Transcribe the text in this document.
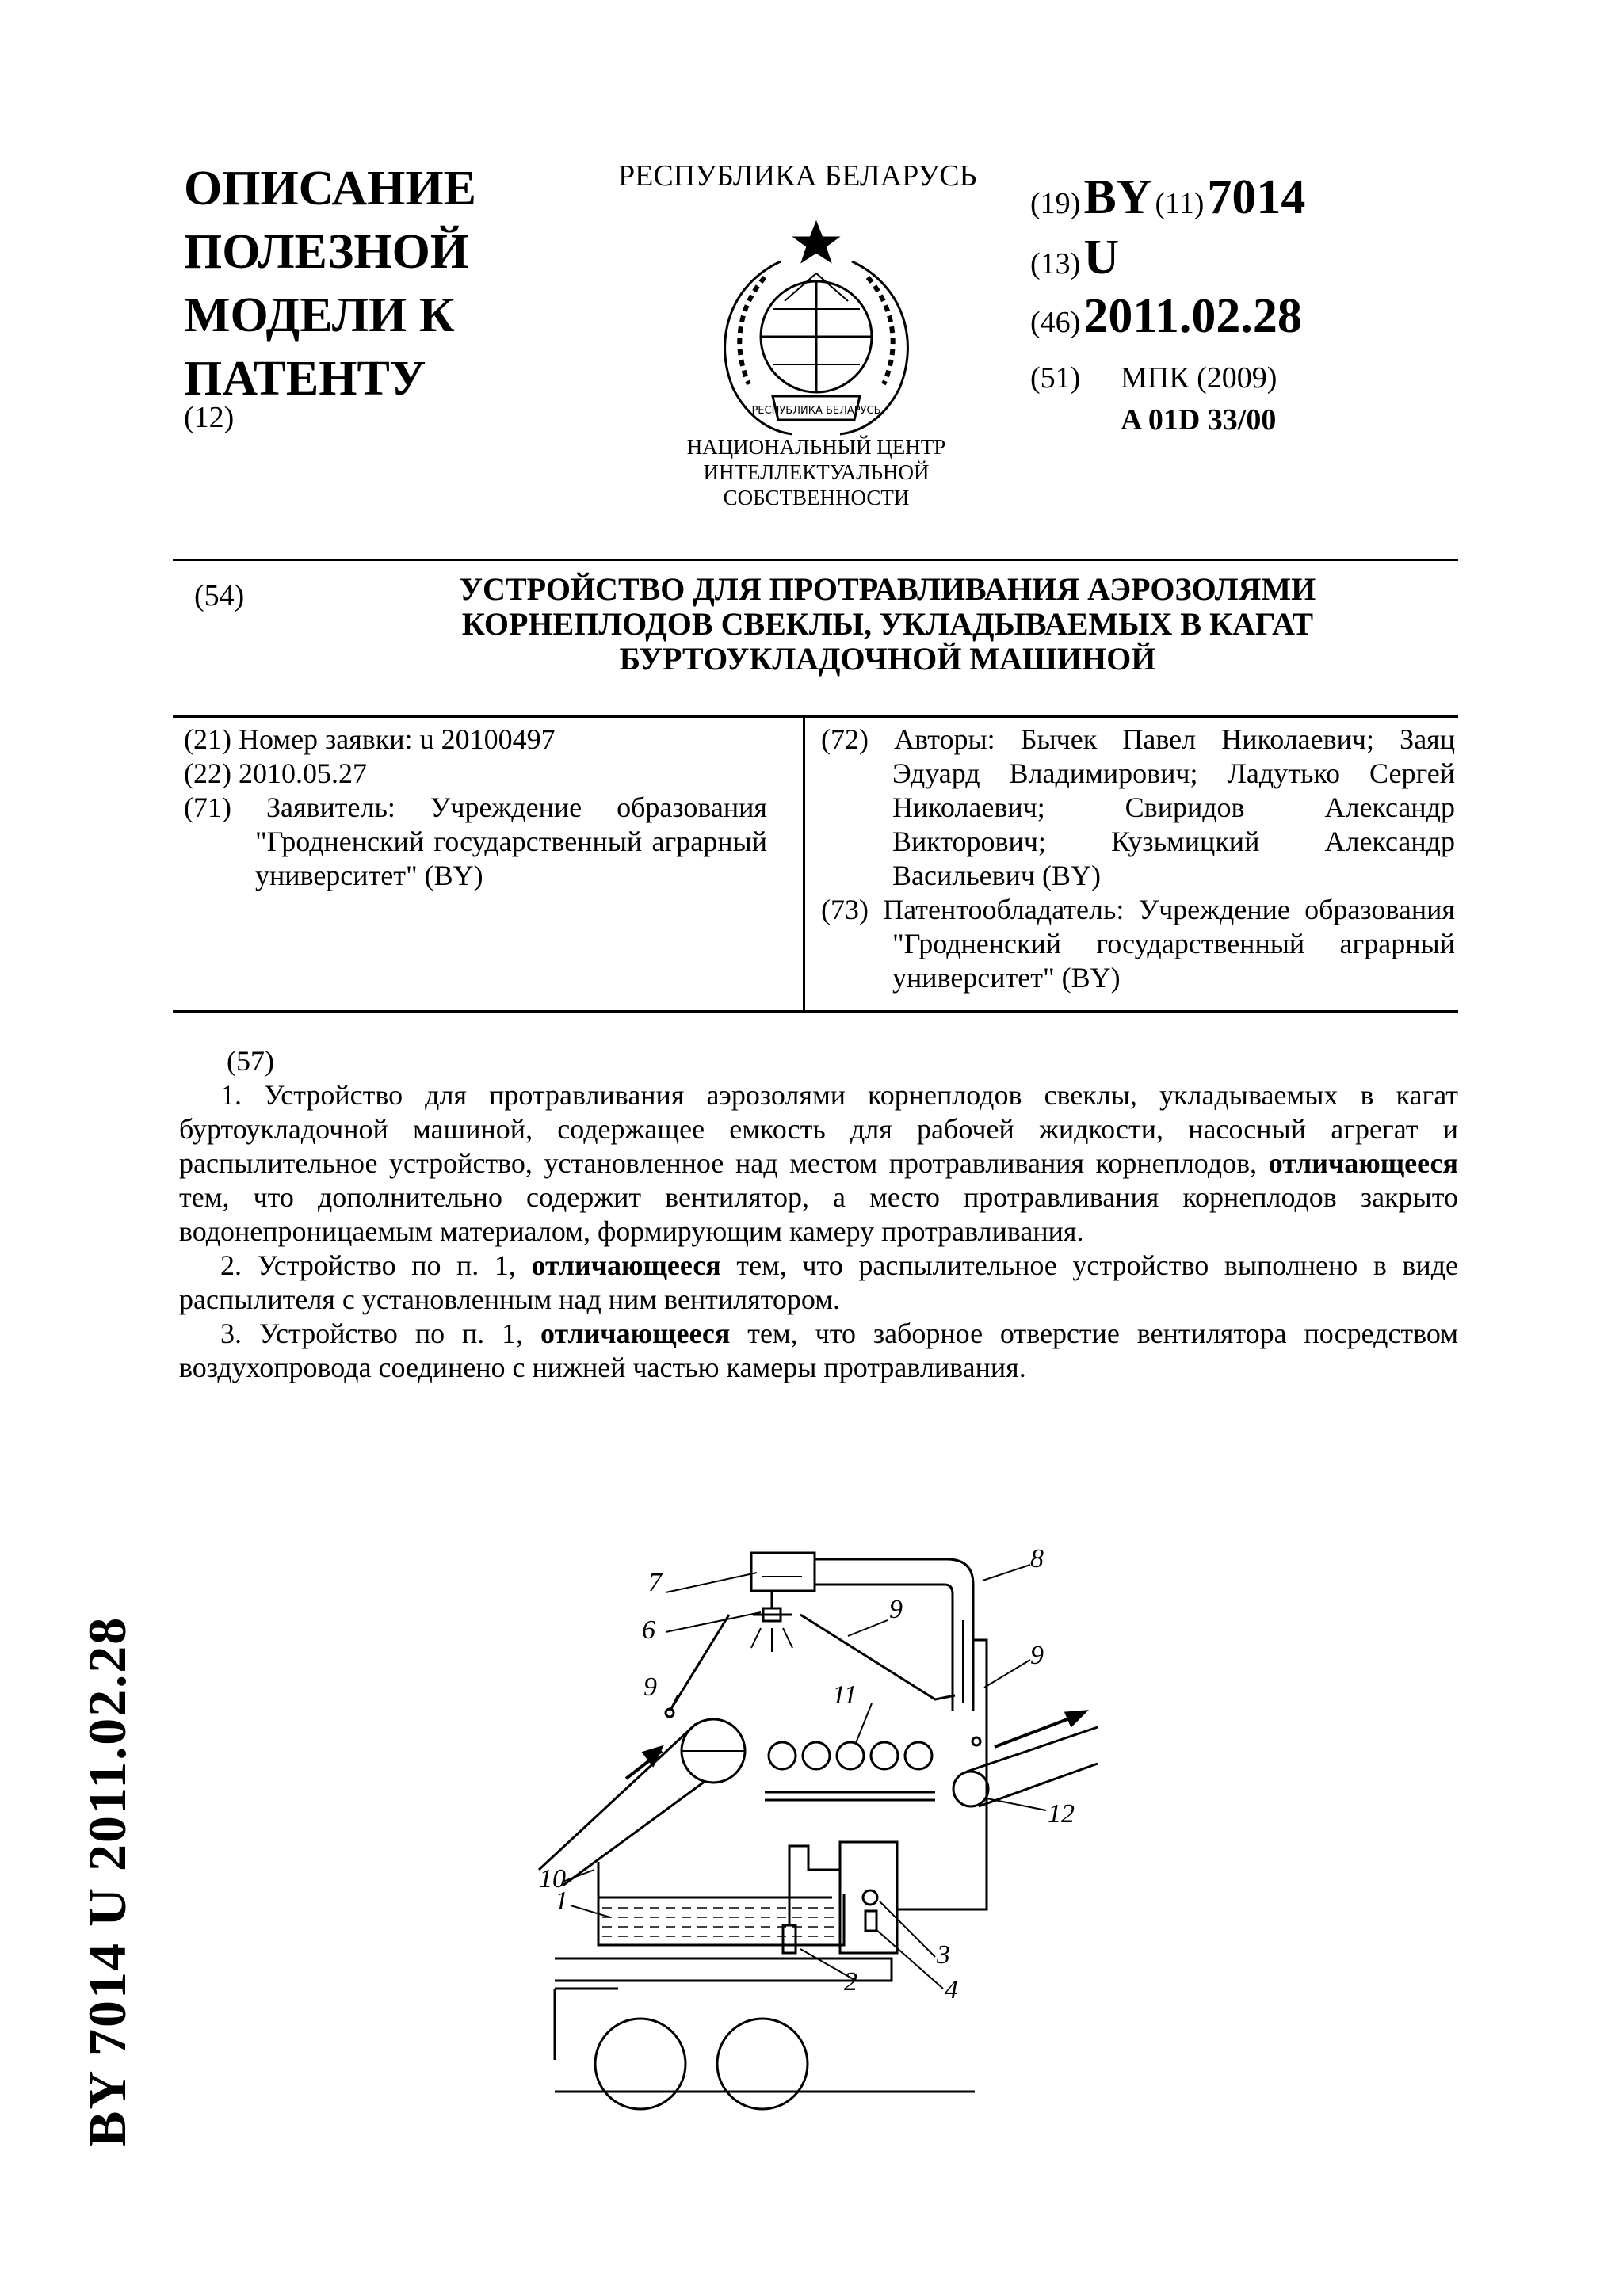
ОПИСАНИЕ
ПОЛЕЗНОЙ
МОДЕЛИ К
ПАТЕНТУ
(12)
РЕСПУБЛИКА БЕЛАРУСЬ
РЕСПУБЛИКА БЕЛАРУСЬ
НАЦИОНАЛЬНЫЙ ЦЕНТР
ИНТЕЛЛЕКТУАЛЬНОЙ
СОБСТВЕННОСТИ
(19) BY (11) 7014
(13) U
(46) 2011.02.28
(51) МПК (2009)
A 01D 33/00
(54)	УСТРОЙСТВО ДЛЯ ПРОТРАВЛИВАНИЯ АЭРОЗОЛЯМИ
КОРНЕПЛОДОВ СВЕКЛЫ, УКЛАДЫВАЕМЫХ В КАГАТ
БУРТОУКЛАДОЧНОЙ МАШИНОЙ
(21) Номер заявки: u 20100497
(22) 2010.05.27
(71) Заявитель: Учреждение образования "Гродненский государственный аграрный университет" (BY)
(72) Авторы: Бычек Павел Николаевич; Заяц Эдуард Владимирович; Ладутько Сергей Николаевич; Свиридов Александр Викторович; Кузьмицкий Александр Васильевич (BY)
(73) Патентообладатель: Учреждение образования "Гродненский государственный аграрный университет" (BY)

(57)

1. Устройство для протравливания аэрозолями корнеплодов свеклы, укладываемых в кагат буртоукладочной машиной, содержащее емкость для рабочей жидкости, насосный агрегат и распылительное устройство, установленное над местом протравливания корнеплодов, отличающееся тем, что дополнительно содержит вентилятор, а место протравливания корнеплодов закрыто водонепроницаемым материалом, формирующим камеру протравливания.

2. Устройство по п. 1, отличающееся тем, что распылительное устройство выполнено в виде распылителя с установленным над ним вентилятором.

3. Устройство по п. 1, отличающееся тем, что заборное отверстие вентилятора посредством воздухопровода соединено с нижней частью камеры протравливания.

7
6
9
8
9
9	11
12
10
1
2
3
4
BY 7014 U 2011.02.28
